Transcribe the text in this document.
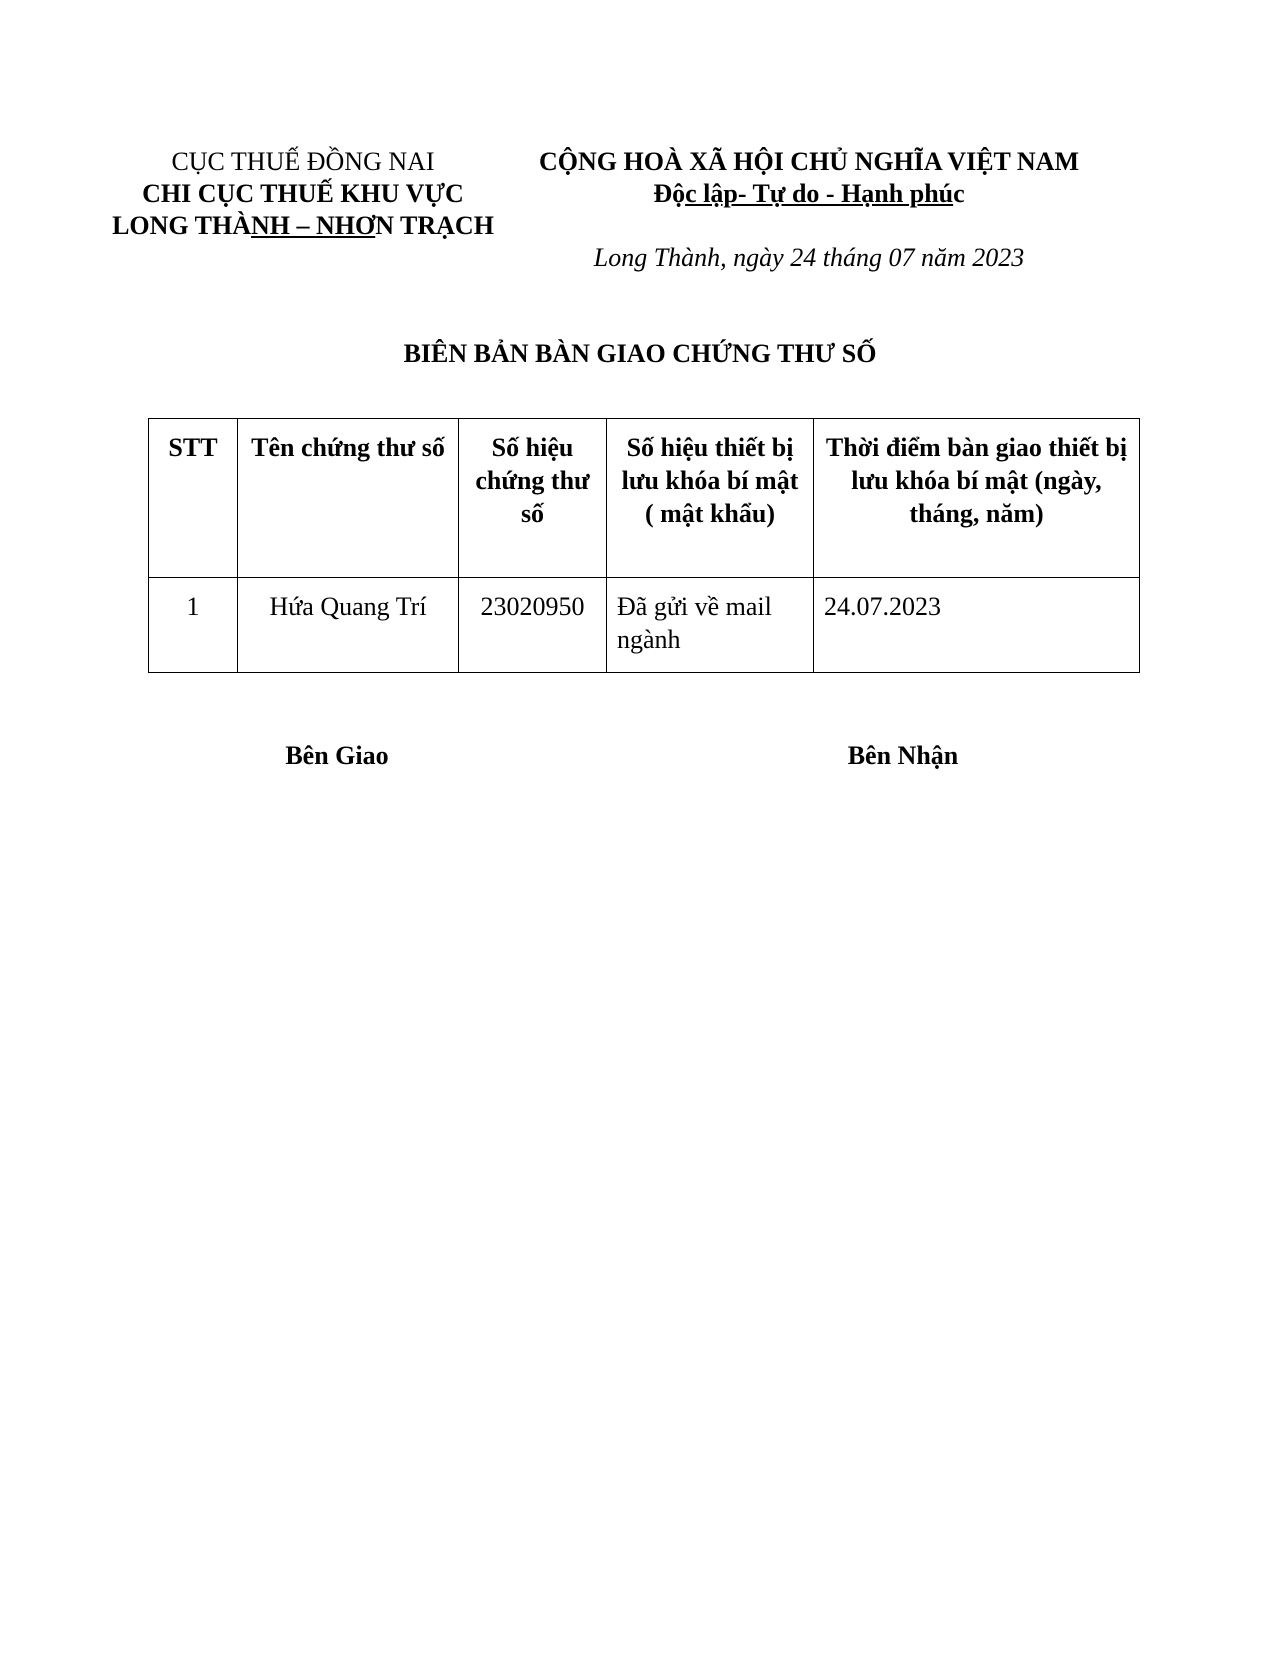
CỤC THUẾ ĐỒNG NAI
CHI CỤC THUẾ KHU VỰC
LONG THÀNH – NHƠN TRẠCH
CỘNG HOÀ XÃ HỘI CHỦ NGHĨA VIỆT NAM
Độc lập- Tự do - Hạnh phúc
Long Thành, ngày 24 tháng 07 năm 2023
BIÊN BẢN BÀN GIAO CHỨNG THƯ SỐ
STT	Tên chứng thư số	Số hiệu chứng thư số	Số hiệu thiết bị lưu khóa bí mật ( mật khẩu)	Thời điểm bàn giao thiết bị lưu khóa bí mật (ngày, tháng, năm)
1	Hứa Quang Trí	23020950	Đã gửi về mail ngành	24.07.2023
Bên Giao	Bên Nhận
